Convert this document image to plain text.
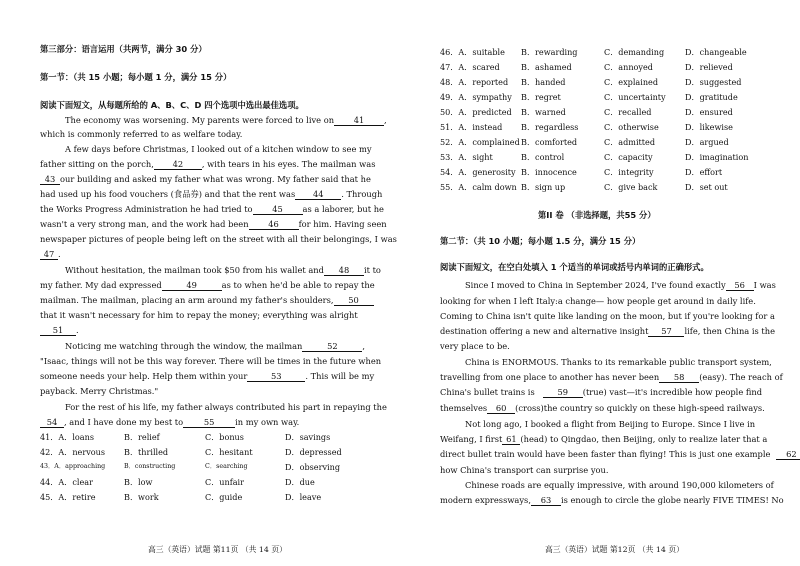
第三部分：语言运用（共两节，满分 30 分）
第一节：（共 15 小题；每小题 1 分，满分 15 分）
阅读下面短文，从每题所给的 A、B、C、D 四个选项中选出最佳选项。
The economy was worsening. My parents were forced to live on 41 ,
which is commonly referred to as welfare today.
A few days before Christmas, I looked out of a kitchen window to see my
father sitting on the porch, 42 , with tears in his eyes. The mailman was
43 our building and asked my father what was wrong. My father said that he
had used up his food vouchers (食品券) and that the rent was 44 . Through
the Works Progress Administration he had tried to 45 as a laborer, but he
wasn't a very strong man, and the work had been 46 for him. Having seen
newspaper pictures of people being left on the street with all their belongings, I was
47 .
Without hesitation, the mailman took $50 from his wallet and 48 it to
my father. My dad expressed	49	as to when he'd be able to repay the
mailman. The mailman, placing an arm around my father's shoulders, 50
that it wasn't necessary for him to repay the money; everything was alright
51 .
Noticing me watching through the window, the mailman	52	,
"Isaac, things will not be this way forever. There will be times in the future when
someone needs your help. Help them within your	53	. This will be my
payback. Merry Christmas."
For the rest of his life, my father always contributed his part in repaying the
54 , and I have done my best to 55 in my own way.
41．A．loans	B．relief	C．bonus	D．savings
42．A．nervous B．thrilled	C．hesitant	D．depressed
43．A．approaching	B．constructing	C．searching	D．observing
44．A．clear	B．low	C．unfair	D．due
45．A．retire	B．work	C．guide	D．leave
高三（英语）试题 第11页 （共 14 页）
46．A．suitable B．rewarding	C．demanding	D．changeable
47．A．scared	B．ashamed	C．annoyed	D．relieved
48．A．reported B．handed	C．explained	D．suggested
49．A．sympathy B．regret	C．uncertainty D．gratitude
50．A．predicted B．warned	C．recalled	D．ensured
51．A．instead B．regardless	C．otherwise	D．likewise
52．A．complained B．comforted	C．admitted	D．argued
53．A．sight	B．control	C．capacity	D．imagination
54．A．generosity B．innocence	C．integrity	D．effort
55．A．calm down B．sign up	C．give back	D．set out
第II 卷 （非选择题，共55 分）
第二节：（共 10 小题；每小题 1.5 分，满分 15 分）
阅读下面短文，在空白处填入 1 个适当的单词或括号内单词的正确形式。
Since I moved to China in September 2024, I've found exactly 56 I was
looking for when I left Italy:a change— how people get around in daily life.
Coming to China isn't quite like landing on the moon, but if you're looking for a
destination offering a new and alternative insight 57 life, then China is the
very place to be.
China is ENORMOUS. Thanks to its remarkable public transport system,
travelling from one place to another has never been 58 (easy). The reach of
China's bullet trains is	59 (true) vast—it's incredible how people find
themselves 60 (cross)the country so quickly on these high-speed railways.
Not long ago, I booked a flight from Beijing to Europe. Since I live in
Weifang, I first 61 (head) to Qingdao, then Beijing, only to realize later that a
direct bullet train would have been faster than flying! This is just one example 62
how China's transport can surprise you.
Chinese roads are equally impressive, with around 190,000 kilometers of
modern expressways, 63 is enough to circle the globe nearly FIVE TIMES! No
高三（英语）试题 第12页 （共 14 页）
